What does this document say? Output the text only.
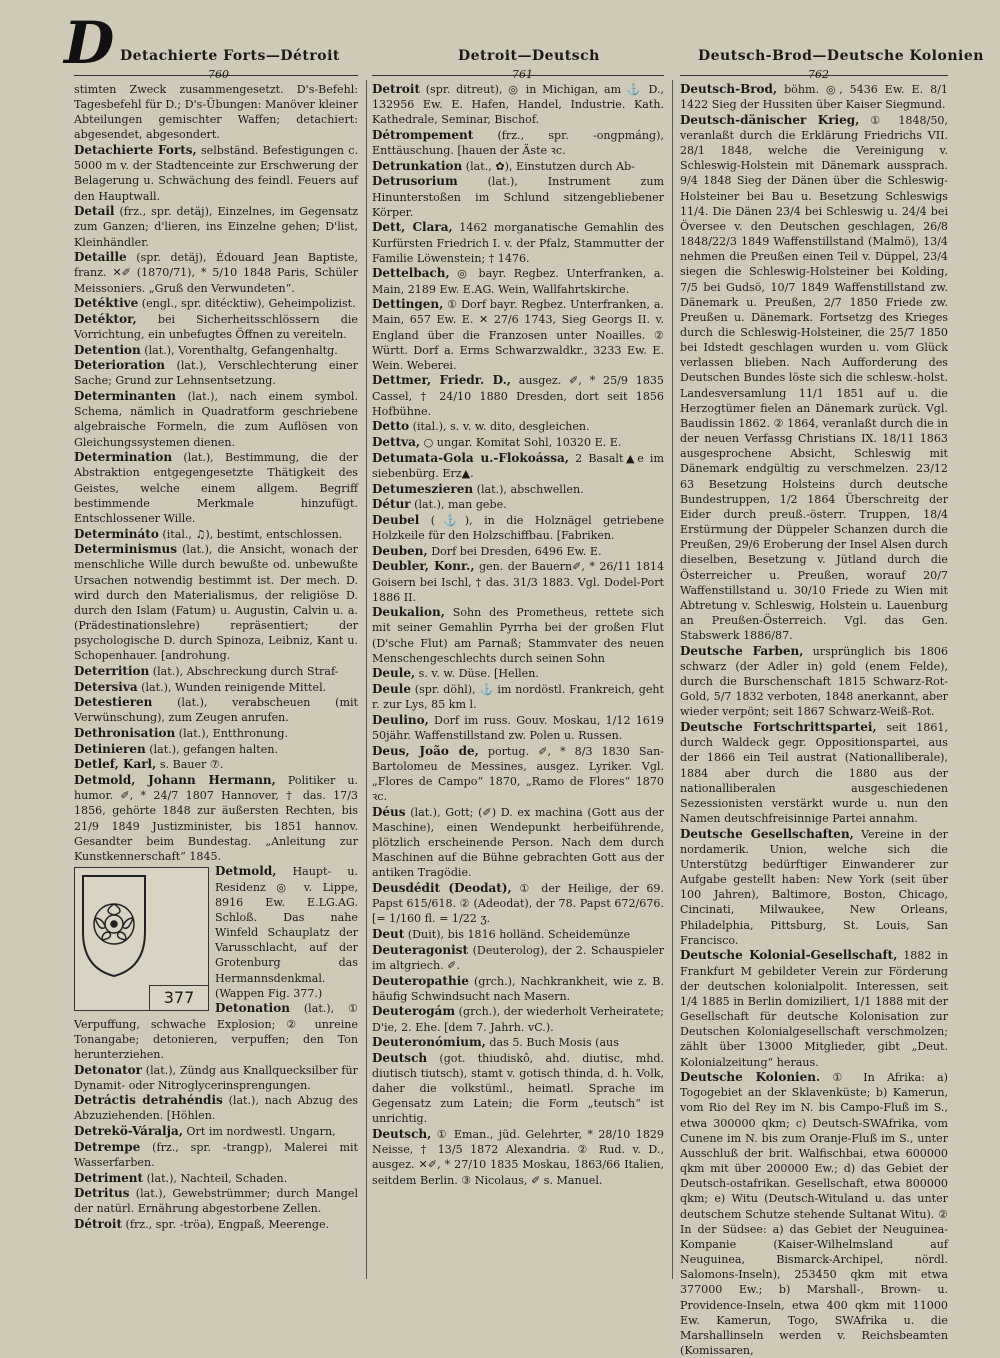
D Detachierte Forts—Détroit	Detroit—Deutsch	Deutsch-Brod—Deutsche Kolonien
760	761	762

stimten Zweck zusammengesetzt. D's-Befehl: Tagesbefehl für D.; D's-Übungen: Manöver kleiner Abteilungen gemischter Waffen; detachiert: abgesendet, abgesondert.

Detachierte Forts, selbständ. Befestigungen c. 5000 m v. der Stadtenceinte zur Erschwerung der Belagerung u. Schwächung des feindl. Feuers auf den Hauptwall.

Detail (frz., spr. detäj), Einzelnes, im Gegensatz zum Ganzen; d'lieren, ins Einzelne gehen; D'list, Kleinhändler.

Detaille (spr. detäj), Édouard Jean Baptiste, franz. ✕✐ (1870/71), * 5/10 1848 Paris, Schüler Meissoniers. „Gruß den Verwundeten“.

Detéktive (engl., spr. ditécktiw), Geheimpolizist.

Detéktor, bei Sicherheitsschlössern die Vorrichtung, ein unbefugtes Öffnen zu vereiteln.

Detention (lat.), Vorenthaltg, Gefangenhaltg.

Deterioration (lat.), Verschlechterung einer Sache; Grund zur Lehnsentsetzung.

Determinanten (lat.), nach einem symbol. Schema, nämlich in Quadratform geschriebene algebraische Formeln, die zum Auflösen von Gleichungssystemen dienen.

Determination (lat.), Bestimmung, die der Abstraktion entgegengesetzte Thätigkeit des Geistes, welche einem allgem. Begriff bestimmende Merkmale hinzufügt. Entschlossener Wille.

Determináto (ital., ♫), bestimt, entschlossen.

Determinismus (lat.), die Ansicht, wonach der menschliche Wille durch bewußte od. unbewußte Ursachen notwendig bestimmt ist. Der mech. D. wird durch den Materialismus, der religiöse D. durch den Islam (Fatum) u. Augustin, Calvin u. a. (Prädestinationslehre) repräsentiert; der psychologische D. durch Spinoza, Leibniz, Kant u. Schopenhauer. [androhung.

Deterrition (lat.), Abschreckung durch Straf-

Detersiva (lat.), Wunden reinigende Mittel.

Detestieren (lat.), verabscheuen (mit Verwünschung), zum Zeugen anrufen.

Dethronisation (lat.), Entthronung.

Detinieren (lat.), gefangen halten.

Detlef, Karl, s. Bauer ⑦.

Detmold, Johann Hermann, Politiker u. humor. ✐, * 24/7 1807 Hannover, † das. 17/3 1856, gehörte 1848 zur äußersten Rechten, bis 21/9 1849 Justizminister, bis 1851 hannov. Gesandter beim Bundestag. „Anleitung zur Kunstkennerschaft“ 1845.

377
Detmold, Haupt- u. Residenz ◎ v. Lippe, 8916 Ew. E.LG.AG. Schloß. Das nahe Winfeld Schauplatz der Varusschlacht, auf der Grotenburg das Hermannsdenkmal. (Wappen Fig. 377.)

Detonation (lat.), ① Verpuffung, schwache Explosion; ② unreine Tonangabe; detonieren, verpuffen; den Ton herunterziehen.

Detonator (lat.), Zündg aus Knallquecksilber für Dynamit- oder Nitroglycerinsprengungen.

Detráctis detrahéndis (lat.), nach Abzug des Abzuziehenden. [Höhlen.

Detrekö-Váralja, Ort im nordwestl. Ungarn,

Detrempe (frz., spr. -trangp), Malerei mit Wasserfarben.

Detriment (lat.), Nachteil, Schaden.

Detritus (lat.), Gewebstrümmer; durch Mangel der natürl. Ernährung abgestorbene Zellen.

Détroit (frz., spr. -tröa), Engpaß, Meerenge.

Detroit (spr. ditreut), ◎ in Michigan, am ⚓ D., 132956 Ew. E. Hafen, Handel, Industrie. Kath. Kathedrale, Seminar, Bischof.

Détrompement (frz., spr. -ongpmáng), Enttäuschung. [hauen der Äste ꝛc.

Detrunkation (lat., ✿), Einstutzen durch Ab-

Detrusorium (lat.), Instrument zum Hinunterstoßen im Schlund sitzengebliebener Körper.

Dett, Clara, 1462 morganatische Gemahlin des Kurfürsten Friedrich I. v. der Pfalz, Stammutter der Familie Löwenstein; † 1476.

Dettelbach, ◎ bayr. Regbez. Unterfranken, a. Main, 2189 Ew. E.AG. Wein, Wallfahrtskirche.

Dettingen, ① Dorf bayr. Regbez. Unterfranken, a. Main, 657 Ew. E. ✕ 27/6 1743, Sieg Georgs II. v. England über die Franzosen unter Noailles. ② Württ. Dorf a. Erms Schwarzwaldkr., 3233 Ew. E. Wein. Weberei.

Dettmer, Friedr. D., ausgez. ✐, * 25/9 1835 Cassel, † 24/10 1880 Dresden, dort seit 1856 Hofbühne.

Detto (ital.), s. v. w. dito, desgleichen.

Dettva, ○ ungar. Komitat Sohl, 10320 E. E.

Detumata-Gola u.-Flokoássa, 2 Basalt▲e im siebenbürg. Erz▲.

Detumeszieren (lat.), abschwellen.

Détur (lat.), man gebe.

Deubel (⚓), in die Holznägel getriebene Holzkeile für den Holzschiffbau. [Fabriken.

Deuben, Dorf bei Dresden, 6496 Ew. E.

Deubler, Konr., gen. der Bauern✐, * 26/11 1814 Goisern bei Ischl, † das. 31/3 1883. Vgl. Dodel-Port 1886 II.

Deukalion, Sohn des Prometheus, rettete sich mit seiner Gemahlin Pyrrha bei der großen Flut (D'sche Flut) am Parnaß; Stammvater des neuen Menschengeschlechts durch seinen Sohn

Deule, s. v. w. Düse. [Hellen.

Deule (spr. döhl), ⚓ im nordöstl. Frankreich, geht r. zur Lys, 85 km l.

Deulino, Dorf im russ. Gouv. Moskau, 1/12 1619 50jähr. Waffenstillstand zw. Polen u. Russen.

Deus, João de, portug. ✐, * 8/3 1830 San-Bartolomeu de Messines, ausgez. Lyriker. Vgl. „Flores de Campo“ 1870, „Ramo de Flores“ 1870 ꝛc.

Déus (lat.), Gott; (✐) D. ex machina (Gott aus der Maschine), einen Wendepunkt herbeiführende, plötzlich erscheinende Person. Nach dem durch Maschinen auf die Bühne gebrachten Gott aus der antiken Tragödie.

Deusdédit (Deodat), ① der Heilige, der 69. Papst 615/618. ② (Adeodat), der 78. Papst 672/676. [= 1/160 fl. = 1/22 ʒ.

Deut (Duit), bis 1816 holländ. Scheidemünze

Deuteragonist (Deuterolog), der 2. Schauspieler im altgriech. ✐.

Deuteropathie (grch.), Nachkrankheit, wie z. B. häufig Schwindsucht nach Masern.

Deuterogám (grch.), der wiederholt Verheiratete; D'ie, 2. Ehe. [dem 7. Jahrh. vC.).

Deuteronómium, das 5. Buch Mosis (aus

Deutsch (got. thiudiskô, ahd. diutisc, mhd. diutisch tiutsch), stamt v. gotisch thinda, d. h. Volk, daher die volkstüml., heimatl. Sprache im Gegensatz zum Latein; die Form „teutsch“ ist unrichtig.

Deutsch, ① Eman., jüd. Gelehrter, * 28/10 1829 Neisse, † 13/5 1872 Alexandria. ② Rud. v. D., ausgez. ✕✐, * 27/10 1835 Moskau, 1863/66 Italien, seitdem Berlin. ③ Nicolaus, ✐ s. Manuel.

Deutsch-Brod, böhm. ◎, 5436 Ew. E. 8/1 1422 Sieg der Hussiten über Kaiser Siegmund.

Deutsch-dänischer Krieg, ① 1848/50, veranlaßt durch die Erklärung Friedrichs VII. 28/1 1848, welche die Vereinigung v. Schleswig-Holstein mit Dänemark aussprach. 9/4 1848 Sieg der Dänen über die Schleswig-Holsteiner bei Bau u. Besetzung Schleswigs 11/4. Die Dänen 23/4 bei Schleswig u. 24/4 bei Översee v. den Deutschen geschlagen, 26/8 1848/22/3 1849 Waffenstillstand (Malmö), 13/4 nehmen die Preußen einen Teil v. Düppel, 23/4 siegen die Schleswig-Holsteiner bei Kolding, 7/5 bei Gudsö, 10/7 1849 Waffenstillstand zw. Dänemark u. Preußen, 2/7 1850 Friede zw. Preußen u. Dänemark. Fortsetzg des Krieges durch die Schleswig-Holsteiner, die 25/7 1850 bei Idstedt geschlagen wurden u. vom Glück verlassen blieben. Nach Aufforderung des Deutschen Bundes löste sich die schlesw.-holst. Landesversamlung 11/1 1851 auf u. die Herzogtümer fielen an Dänemark zurück. Vgl. Baudissin 1862. ② 1864, veranlaßt durch die in der neuen Verfassg Christians IX. 18/11 1863 ausgesprochene Absicht, Schleswig mit Dänemark endgültig zu verschmelzen. 23/12 63 Besetzung Holsteins durch deutsche Bundestruppen, 1/2 1864 Überschreitg der Eider durch preuß.-österr. Truppen, 18/4 Erstürmung der Düppeler Schanzen durch die Preußen, 29/6 Eroberung der Insel Alsen durch dieselben, Besetzung v. Jütland durch die Österreicher u. Preußen, worauf 20/7 Waffenstillstand u. 30/10 Friede zu Wien mit Abtretung v. Schleswig, Holstein u. Lauenburg an Preußen-Österreich. Vgl. das Gen. Stabswerk 1886/87.

Deutsche Farben, ursprünglich bis 1806 schwarz (der Adler in) gold (enem Felde), durch die Burschenschaft 1815 Schwarz-Rot-Gold, 5/7 1832 verboten, 1848 anerkannt, aber wieder verpönt; seit 1867 Schwarz-Weiß-Rot.

Deutsche Fortschrittspartei, seit 1861, durch Waldeck gegr. Oppositionspartei, aus der 1866 ein Teil austrat (Nationalliberale), 1884 aber durch die 1880 aus der nationalliberalen ausgeschiedenen Sezessionisten verstärkt wurde u. nun den Namen deutschfreisinnige Partei annahm.

Deutsche Gesellschaften, Vereine in der nordamerik. Union, welche sich die Unterstützg bedürftiger Einwanderer zur Aufgabe gestellt haben: New York (seit über 100 Jahren), Baltimore, Boston, Chicago, Cincinati, Milwaukee, New Orleans, Philadelphia, Pittsburg, St. Louis, San Francisco.

Deutsche Kolonial-Gesellschaft, 1882 in Frankfurt M gebildeter Verein zur Förderung der deutschen kolonialpolit. Interessen, seit 1/4 1885 in Berlin domiziliert, 1/1 1888 mit der Gesellschaft für deutsche Kolonisation zur Deutschen Kolonialgesellschaft verschmolzen; zählt über 13000 Mitglieder, gibt „Deut. Kolonialzeitung“ heraus.

Deutsche Kolonien. ① In Afrika: a) Togogebiet an der Sklavenküste; b) Kamerun, vom Rio del Rey im N. bis Campo-Fluß im S., etwa 300000 qkm; c) Deutsch-SWAfrika, vom Cunene im N. bis zum Oranje-Fluß im S., unter Ausschluß der brit. Walfischbai, etwa 600000 qkm mit über 200000 Ew.; d) das Gebiet der Deutsch-ostafrikan. Gesellschaft, etwa 800000 qkm; e) Witu (Deutsch-Wituland u. das unter deutschem Schutze stehende Sultanat Witu). ② In der Südsee: a) das Gebiet der Neuguinea-Kompanie (Kaiser-Wilhelmsland auf Neuguinea, Bismarck-Archipel, nördl. Salomons-Inseln), 253450 qkm mit etwa 377000 Ew.; b) Marshall-, Brown- u. Providence-Inseln, etwa 400 qkm mit 11000 Ew. Kamerun, Togo, SWAfrika u. die Marshallinseln werden v. Reichsbeamten (Komissaren,
